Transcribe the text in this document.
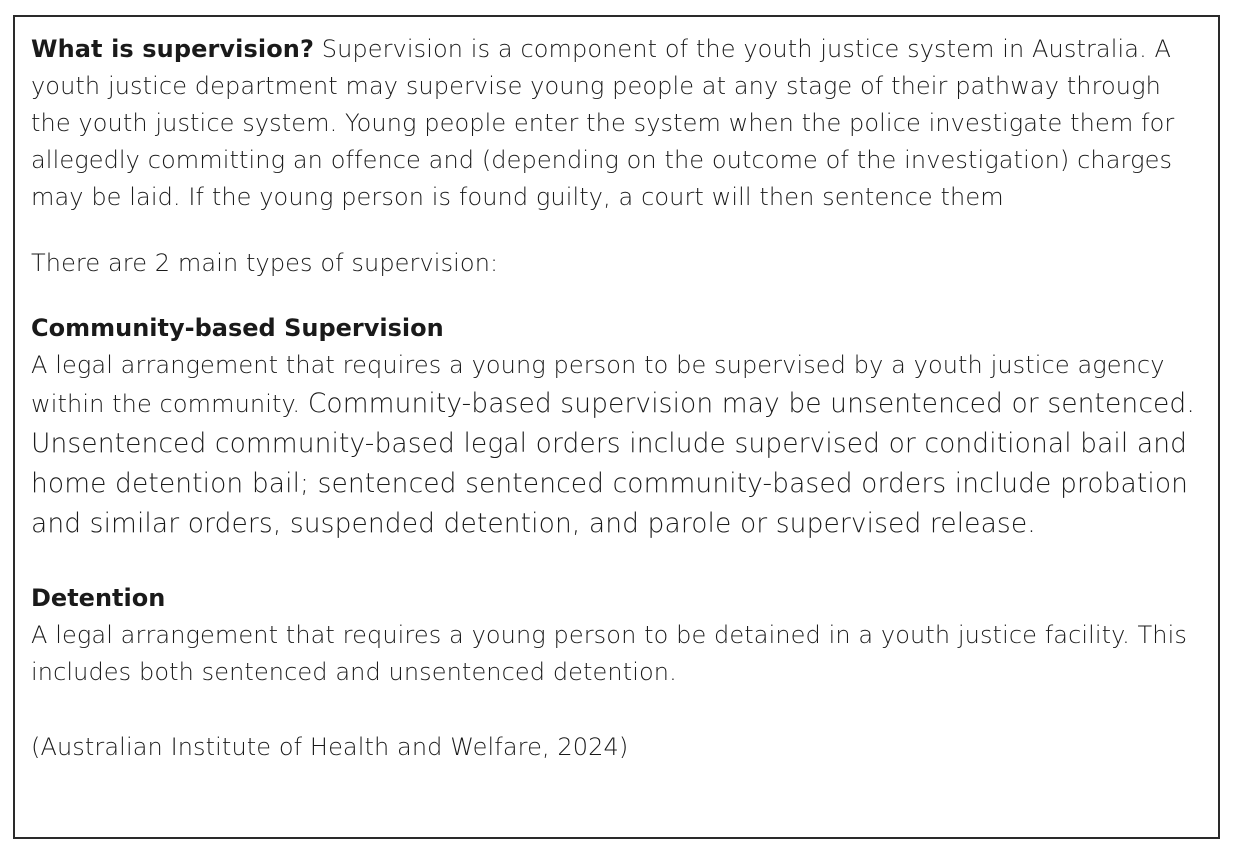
What is supervision? Supervision is a component of the youth justice system in Australia. A youth justice department may supervise young people at any stage of their pathway through the youth justice system. Young people enter the system when the police investigate them for allegedly committing an offence and (depending on the outcome of the investigation) charges may be laid. If the young person is found guilty, a court will then sentence them

There are 2 main types of supervision:

Community-based Supervision

A legal arrangement that requires a young person to be supervised by a youth justice agency within the community. Community-based supervision may be unsentenced or sentenced. Unsentenced community-based legal orders include supervised or conditional bail and home detention bail; sentenced sentenced community-based orders include probation and similar orders, suspended detention, and parole or supervised release.

Detention

A legal arrangement that requires a young person to be detained in a youth justice facility. This includes both sentenced and unsentenced detention.

(Australian Institute of Health and Welfare, 2024)
